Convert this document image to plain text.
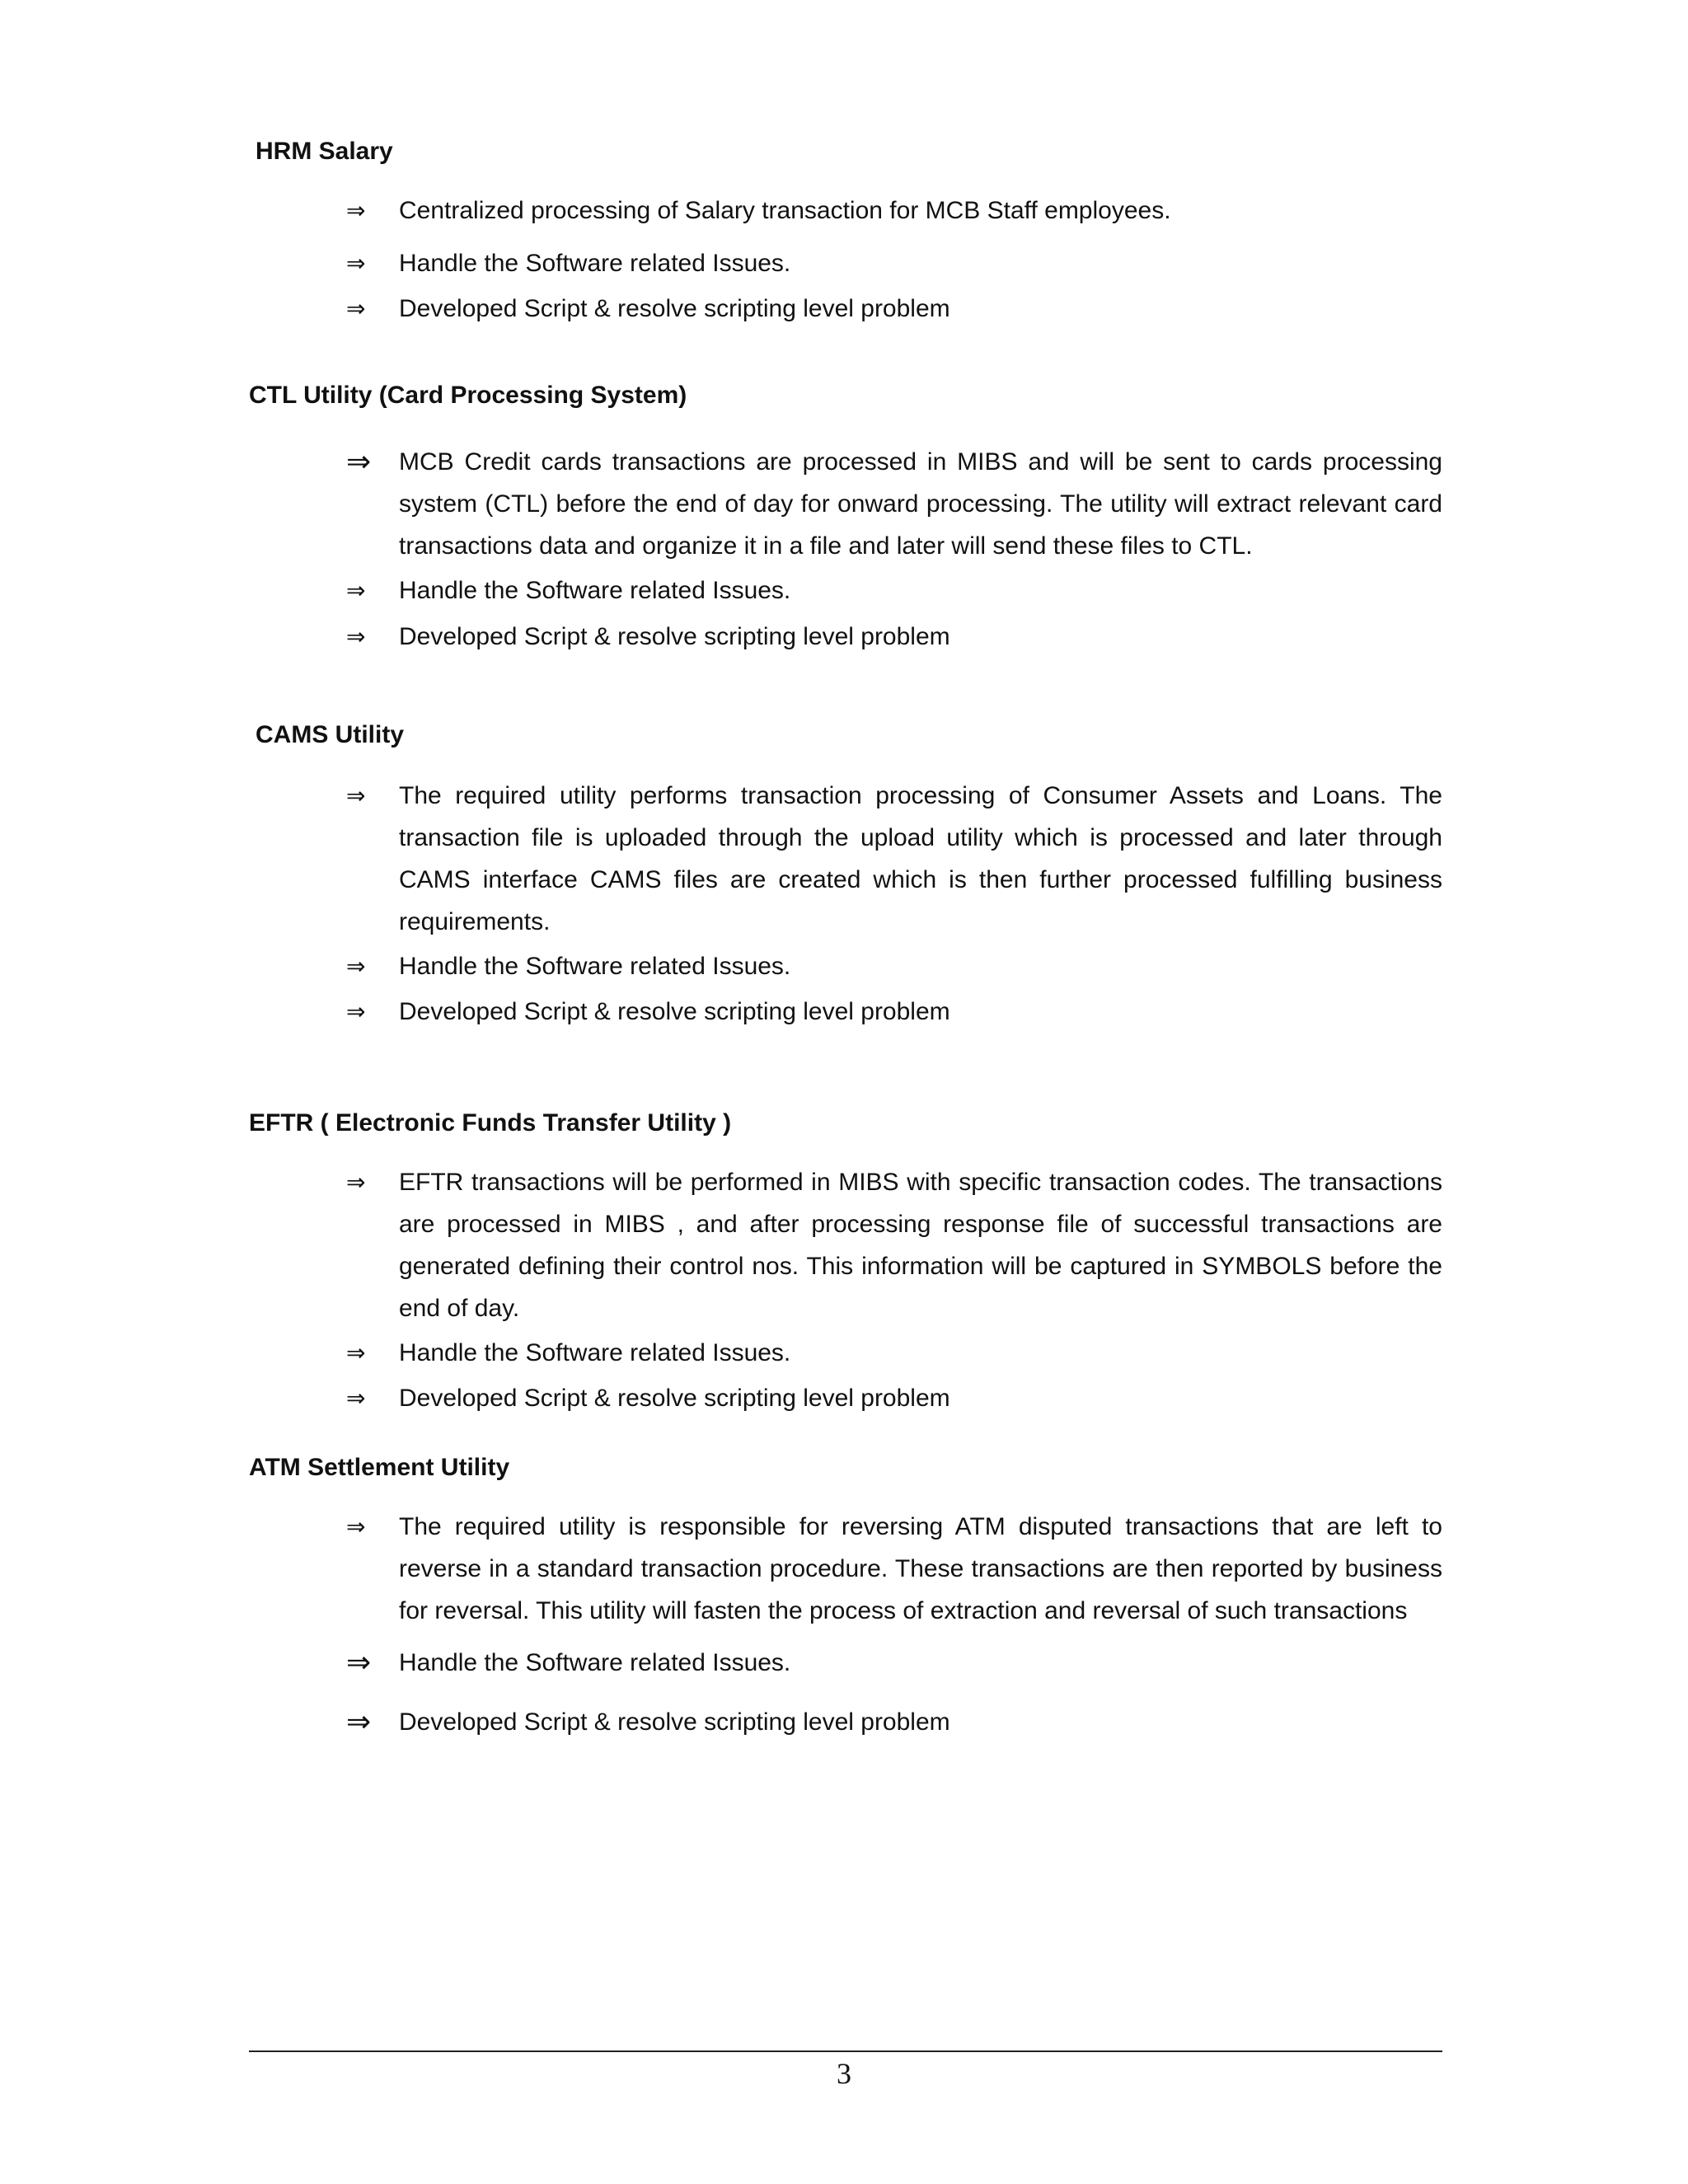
HRM Salary
⇒ Centralized processing of Salary transaction for MCB Staff employees.
⇒ Handle the Software related Issues.
⇒ Developed Script & resolve scripting level problem
CTL Utility (Card Processing System)
⇒ MCB Credit cards transactions are processed in MIBS and will be sent to cards processing system (CTL) before the end of day for onward processing. The utility will extract relevant card transactions data and organize it in a file and later will send these files to CTL.
⇒ Handle the Software related Issues.
⇒ Developed Script & resolve scripting level problem
CAMS Utility
⇒ The required utility performs transaction processing of Consumer Assets and Loans. The transaction file is uploaded through the upload utility which is processed and later through CAMS interface CAMS files are created which is then further processed fulfilling business requirements.
⇒ Handle the Software related Issues.
⇒ Developed Script & resolve scripting level problem
EFTR ( Electronic Funds Transfer Utility )
⇒ EFTR transactions will be performed in MIBS with specific transaction codes. The transactions are processed in MIBS , and after processing response file of successful transactions are generated defining their control nos. This information will be captured in SYMBOLS before the end of day.
⇒ Handle the Software related Issues.
⇒ Developed Script & resolve scripting level problem
ATM Settlement Utility
⇒ The required utility is responsible for reversing ATM disputed transactions that are left to reverse in a standard transaction procedure. These transactions are then reported by business for reversal. This utility will fasten the process of extraction and reversal of such transactions
⇒ Handle the Software related Issues.
⇒ Developed Script & resolve scripting level problem
3
